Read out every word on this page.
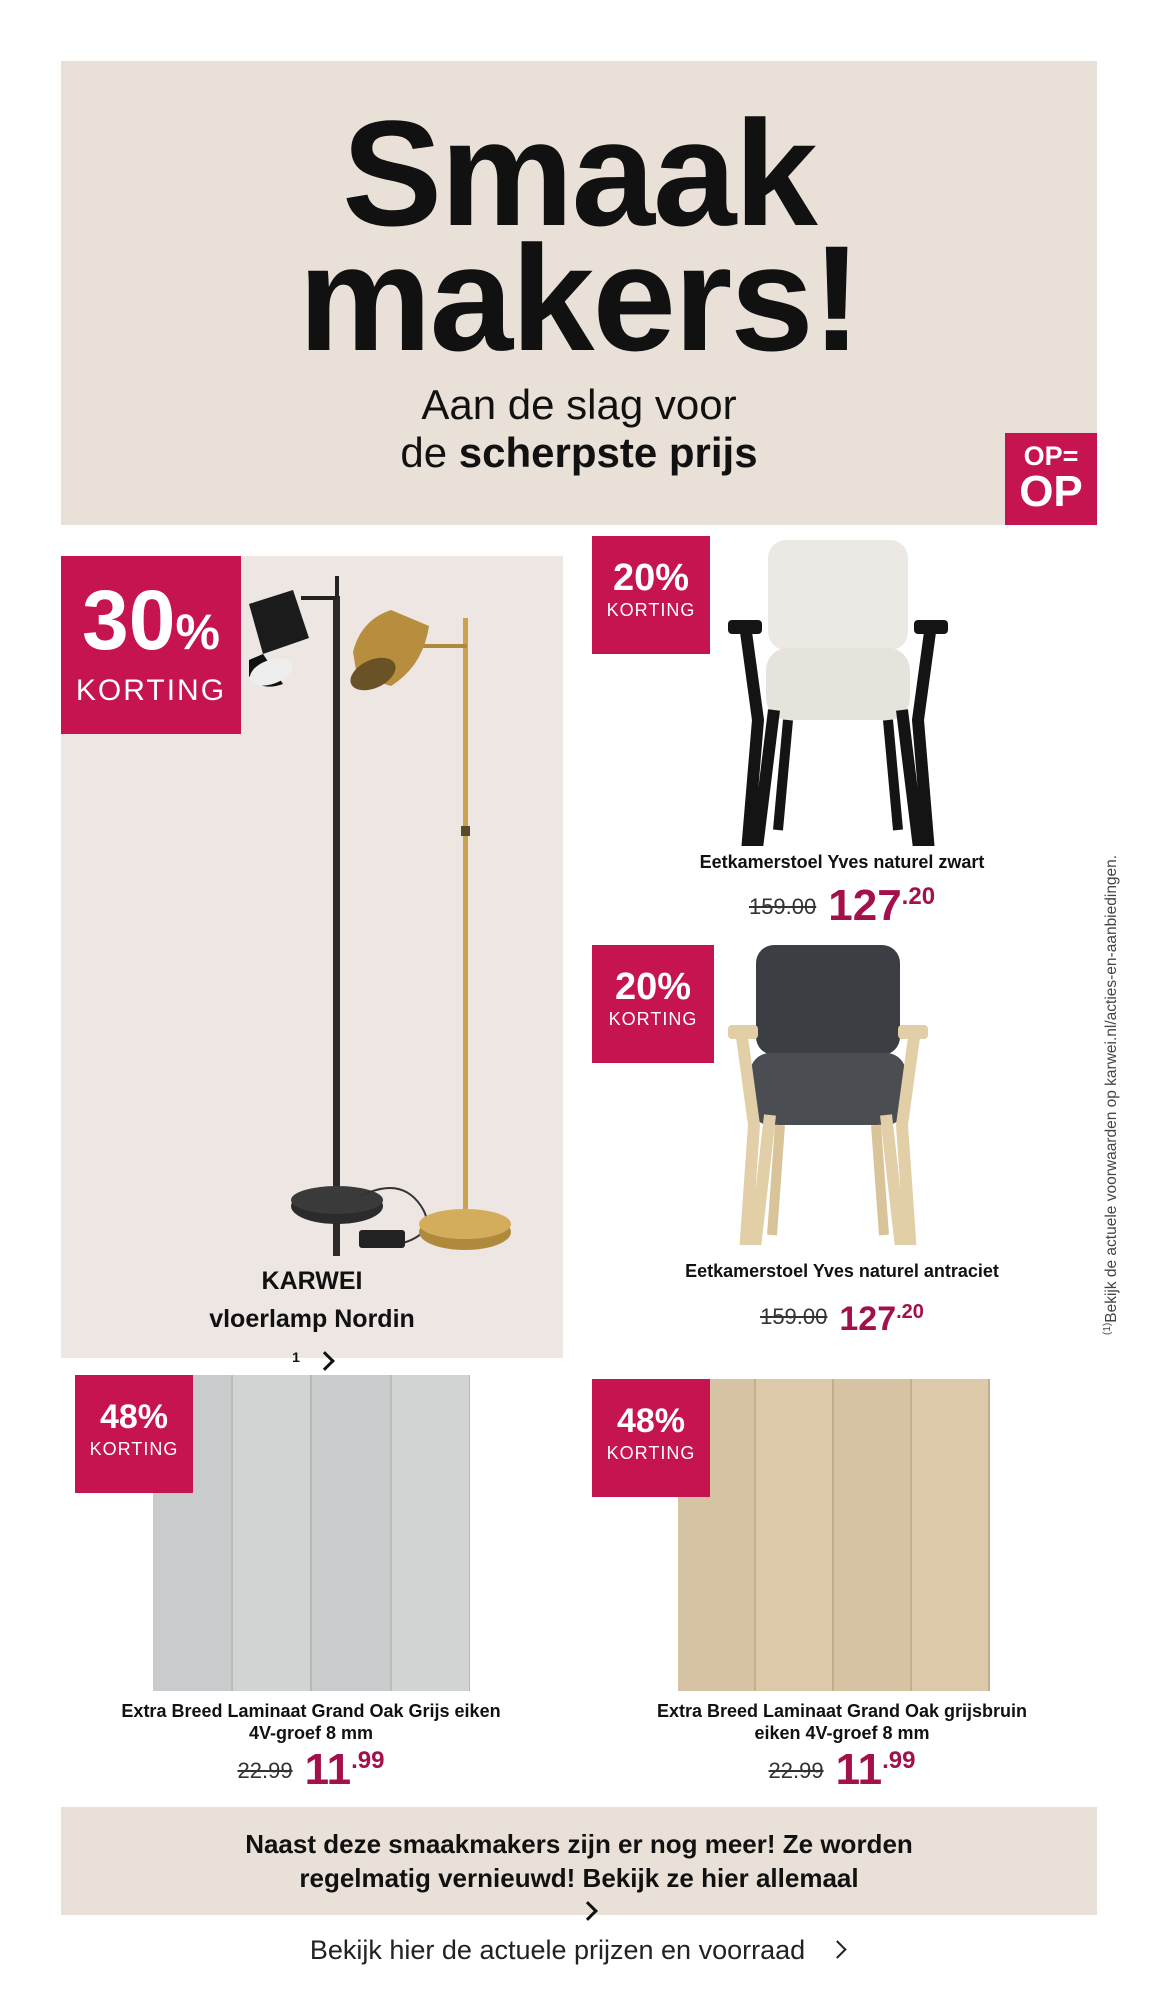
Smaak
makers!
Aan de slag voor
de scherpste prijs	OP=
OP
30%
KORTING
KARWEI
vloerlamp Nordin
$^1$
20%
KORTING
Eetkamerstoel Yves naturel zwart
159.00 $127^{.20}$
20%
KORTING
Eetkamerstoel Yves naturel antraciet
159.00 $127^{.20}$
48%
KORTING
Extra Breed Laminaat Grand Oak Grijs eiken
4V-groef 8 mm
22.99 $11^{.99}$
48%
KORTING
Extra Breed Laminaat Grand Oak grijsbruin
eiken 4V-groef 8 mm
22.99 $11^{.99}$
Naast deze smaakmakers zijn er nog meer! Ze worden
regelmatig vernieuwd! Bekijk ze hier allemaal
Bekijk hier de actuele prijzen en voorraad
$^{(1)}$Bekijk de actuele voorwaarden op karwei.nl/acties-en-aanbiedingen.
